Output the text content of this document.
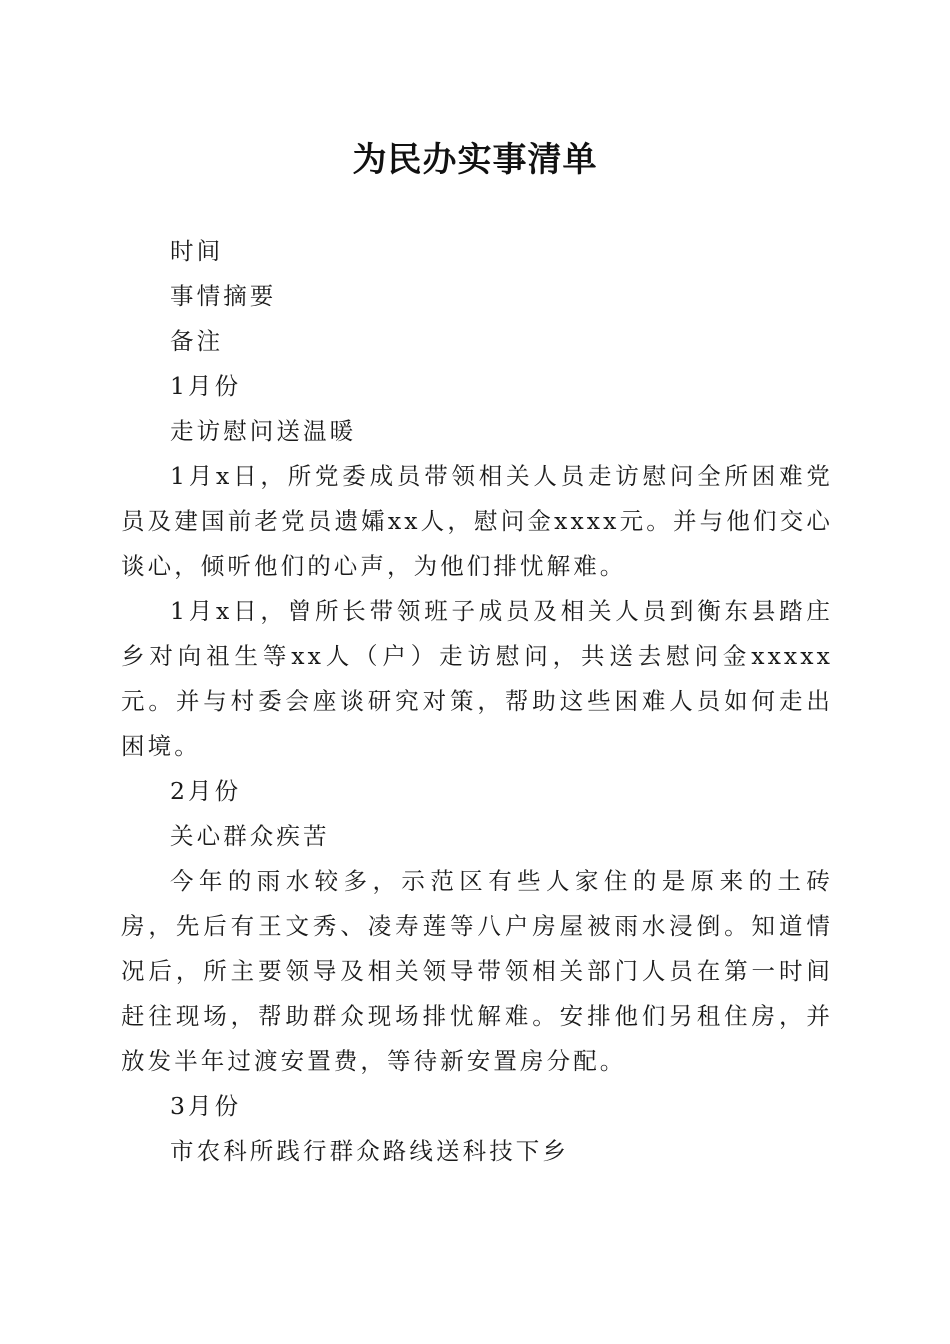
为民办实事清单

时间

事情摘要

备注

1月份

走访慰问送温暖

1月x日，所党委成员带领相关人员走访慰问全所困难党员及建国前老党员遗孀xx人，慰问金xxxx元。并与他们交心谈心，倾听他们的心声，为他们排忧解难。

1月x日，曾所长带领班子成员及相关人员到衡东县踏庄乡对向祖生等xx人（户）走访慰问，共送去慰问金xxxxx元。并与村委会座谈研究对策，帮助这些困难人员如何走出困境。

2月份

关心群众疾苦

今年的雨水较多，示范区有些人家住的是原来的土砖房，先后有王文秀、凌寿莲等八户房屋被雨水浸倒。知道情况后，所主要领导及相关领导带领相关部门人员在第一时间赶往现场，帮助群众现场排忧解难。安排他们另租住房，并放发半年过渡安置费，等待新安置房分配。

3月份

市农科所践行群众路线送科技下乡
